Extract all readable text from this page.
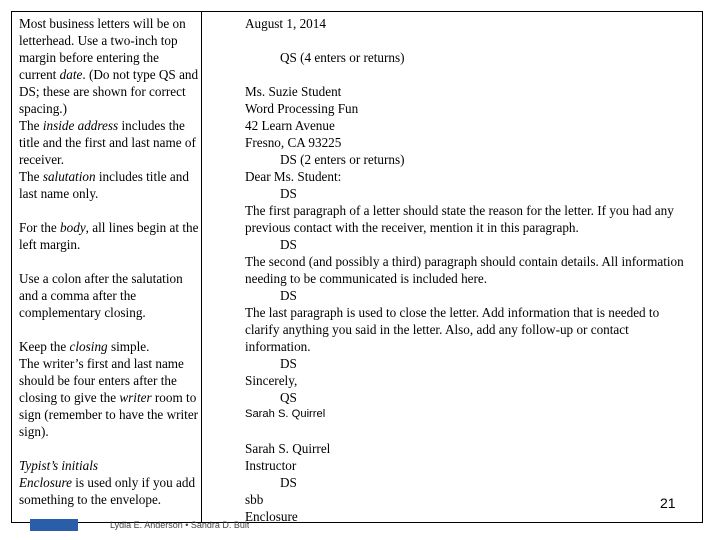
Most business letters will be on letterhead. Use a two-inch top margin before entering the current date. (Do not type QS and DS; these are shown for correct spacing.)

The inside address includes the title and the first and last name of receiver.

The salutation includes title and last name only.

For the body, all lines begin at the left margin.

Use a colon after the salutation and a comma after the complementary closing.

Keep the closing simple.

The writer’s first and last name should be four enters after the closing to give the writer room to sign (remember to have the writer sign).

Typist’s initials

Enclosure is used only if you add something to the envelope.

August 1, 2014
QS (4 enters or returns)
Ms. Suzie Student
Word Processing Fun
42 Learn Avenue
Fresno, CA 93225
DS (2 enters or returns)
Dear Ms. Student:
DS
The first paragraph of a letter should state the reason for the letter. If you had any previous contact with the receiver, mention it in this paragraph.
DS
The second (and possibly a third) paragraph should contain details. All information needing to be communicated is included here.
DS
The last paragraph is used to close the letter. Add information that is needed to clarify anything you said in the letter. Also, add any follow-up or contact information.
DS
Sincerely,
QS
Sarah S. Quirrel
Sarah S. Quirrel
Instructor
DS
sbb
Enclosure
21
Lydia E. Anderson • Sandra D. Bult
